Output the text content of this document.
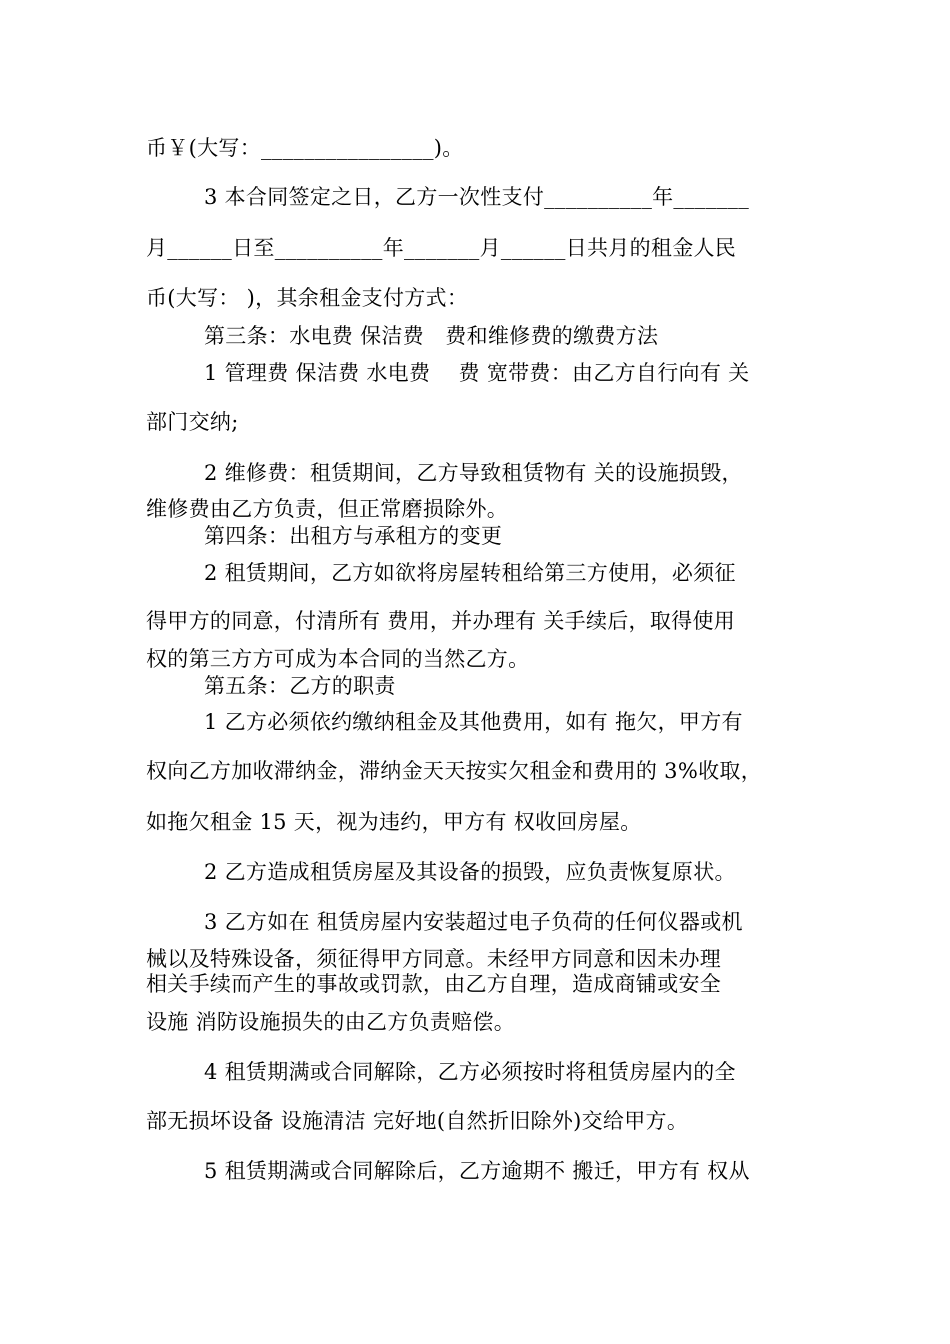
币￥(大写：________________)。
3 本合同签定之日，乙方一次性支付__________年_______
月______日至__________年_______月______日共月的租金人民
币(大写： )，其余租金支付方式：
第三条：水电费 保洁费　费和维修费的缴费方法
1 管理费 保洁费 水电费　 费 宽带费：由乙方自行向有 关
部门交纳;
2 维修费：租赁期间，乙方导致租赁物有 关的设施损毁，
维修费由乙方负责，但正常磨损除外。
第四条：出租方与承租方的变更
2 租赁期间，乙方如欲将房屋转租给第三方使用，必须征
得甲方的同意，付清所有 费用，并办理有 关手续后，取得使用
权的第三方方可成为本合同的当然乙方。
第五条：乙方的职责
1 乙方必须依约缴纳租金及其他费用，如有 拖欠，甲方有
权向乙方加收滞纳金，滞纳金天天按实欠租金和费用的 3%收取，
如拖欠租金 15 天，视为违约，甲方有 权收回房屋。
2 乙方造成租赁房屋及其设备的损毁，应负责恢复原状。
3 乙方如在 租赁房屋内安装超过电子负荷的任何仪器或机
械以及特殊设备，须征得甲方同意。未经甲方同意和因未办理
相关手续而产生的事故或罚款，由乙方自理，造成商铺或安全
设施 消防设施损失的由乙方负责赔偿。
4 租赁期满或合同解除，乙方必须按时将租赁房屋内的全
部无损坏设备 设施清洁 完好地(自然折旧除外)交给甲方。
5 租赁期满或合同解除后，乙方逾期不 搬迁，甲方有 权从
